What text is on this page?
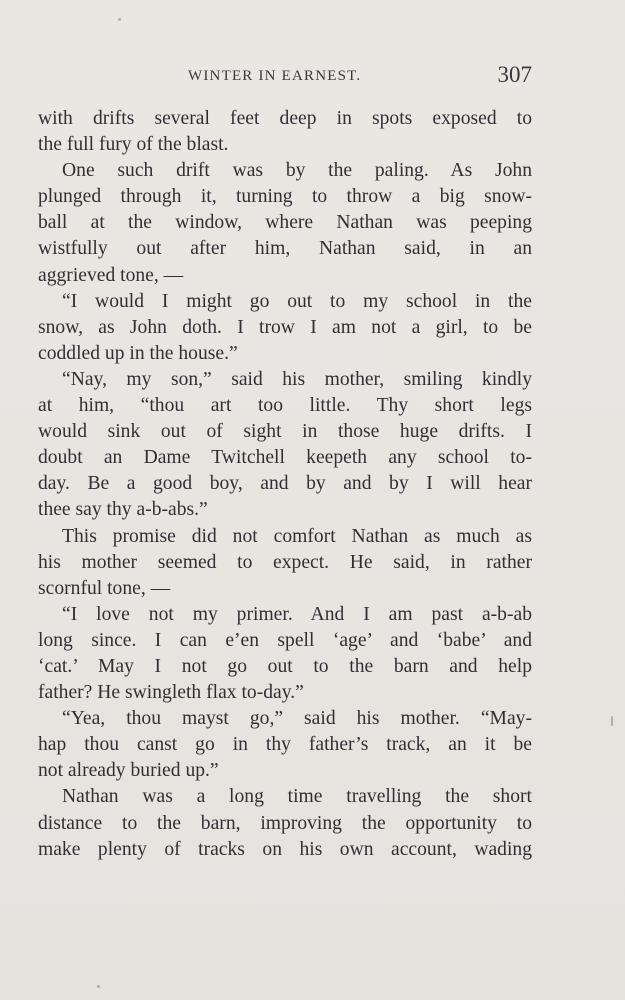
WINTER IN EARNEST.	307
with drifts several feet deep in spots exposed to
the full fury of the blast.
One such drift was by the paling. As John
plunged through it, turning to throw a big snow-
ball at the window, where Nathan was peeping
wistfully out after him, Nathan said, in an
aggrieved tone, —
“I would I might go out to my school in the
snow, as John doth. I trow I am not a girl, to be
coddled up in the house.”
“Nay, my son,” said his mother, smiling kindly
at him, “thou art too little. Thy short legs
would sink out of sight in those huge drifts. I
doubt an Dame Twitchell keepeth any school to-
day. Be a good boy, and by and by I will hear
thee say thy a-b-abs.”
This promise did not comfort Nathan as much as
his mother seemed to expect. He said, in rather
scornful tone, —
“I love not my primer. And I am past a-b-ab
long since. I can e’en spell ‘age’ and ‘babe’ and
‘cat.’ May I not go out to the barn and help
father? He swingleth flax to-day.”
“Yea, thou mayst go,” said his mother. “May-
hap thou canst go in thy father’s track, an it be
not already buried up.”
Nathan was a long time travelling the short
distance to the barn, improving the opportunity to
make plenty of tracks on his own account, wading
